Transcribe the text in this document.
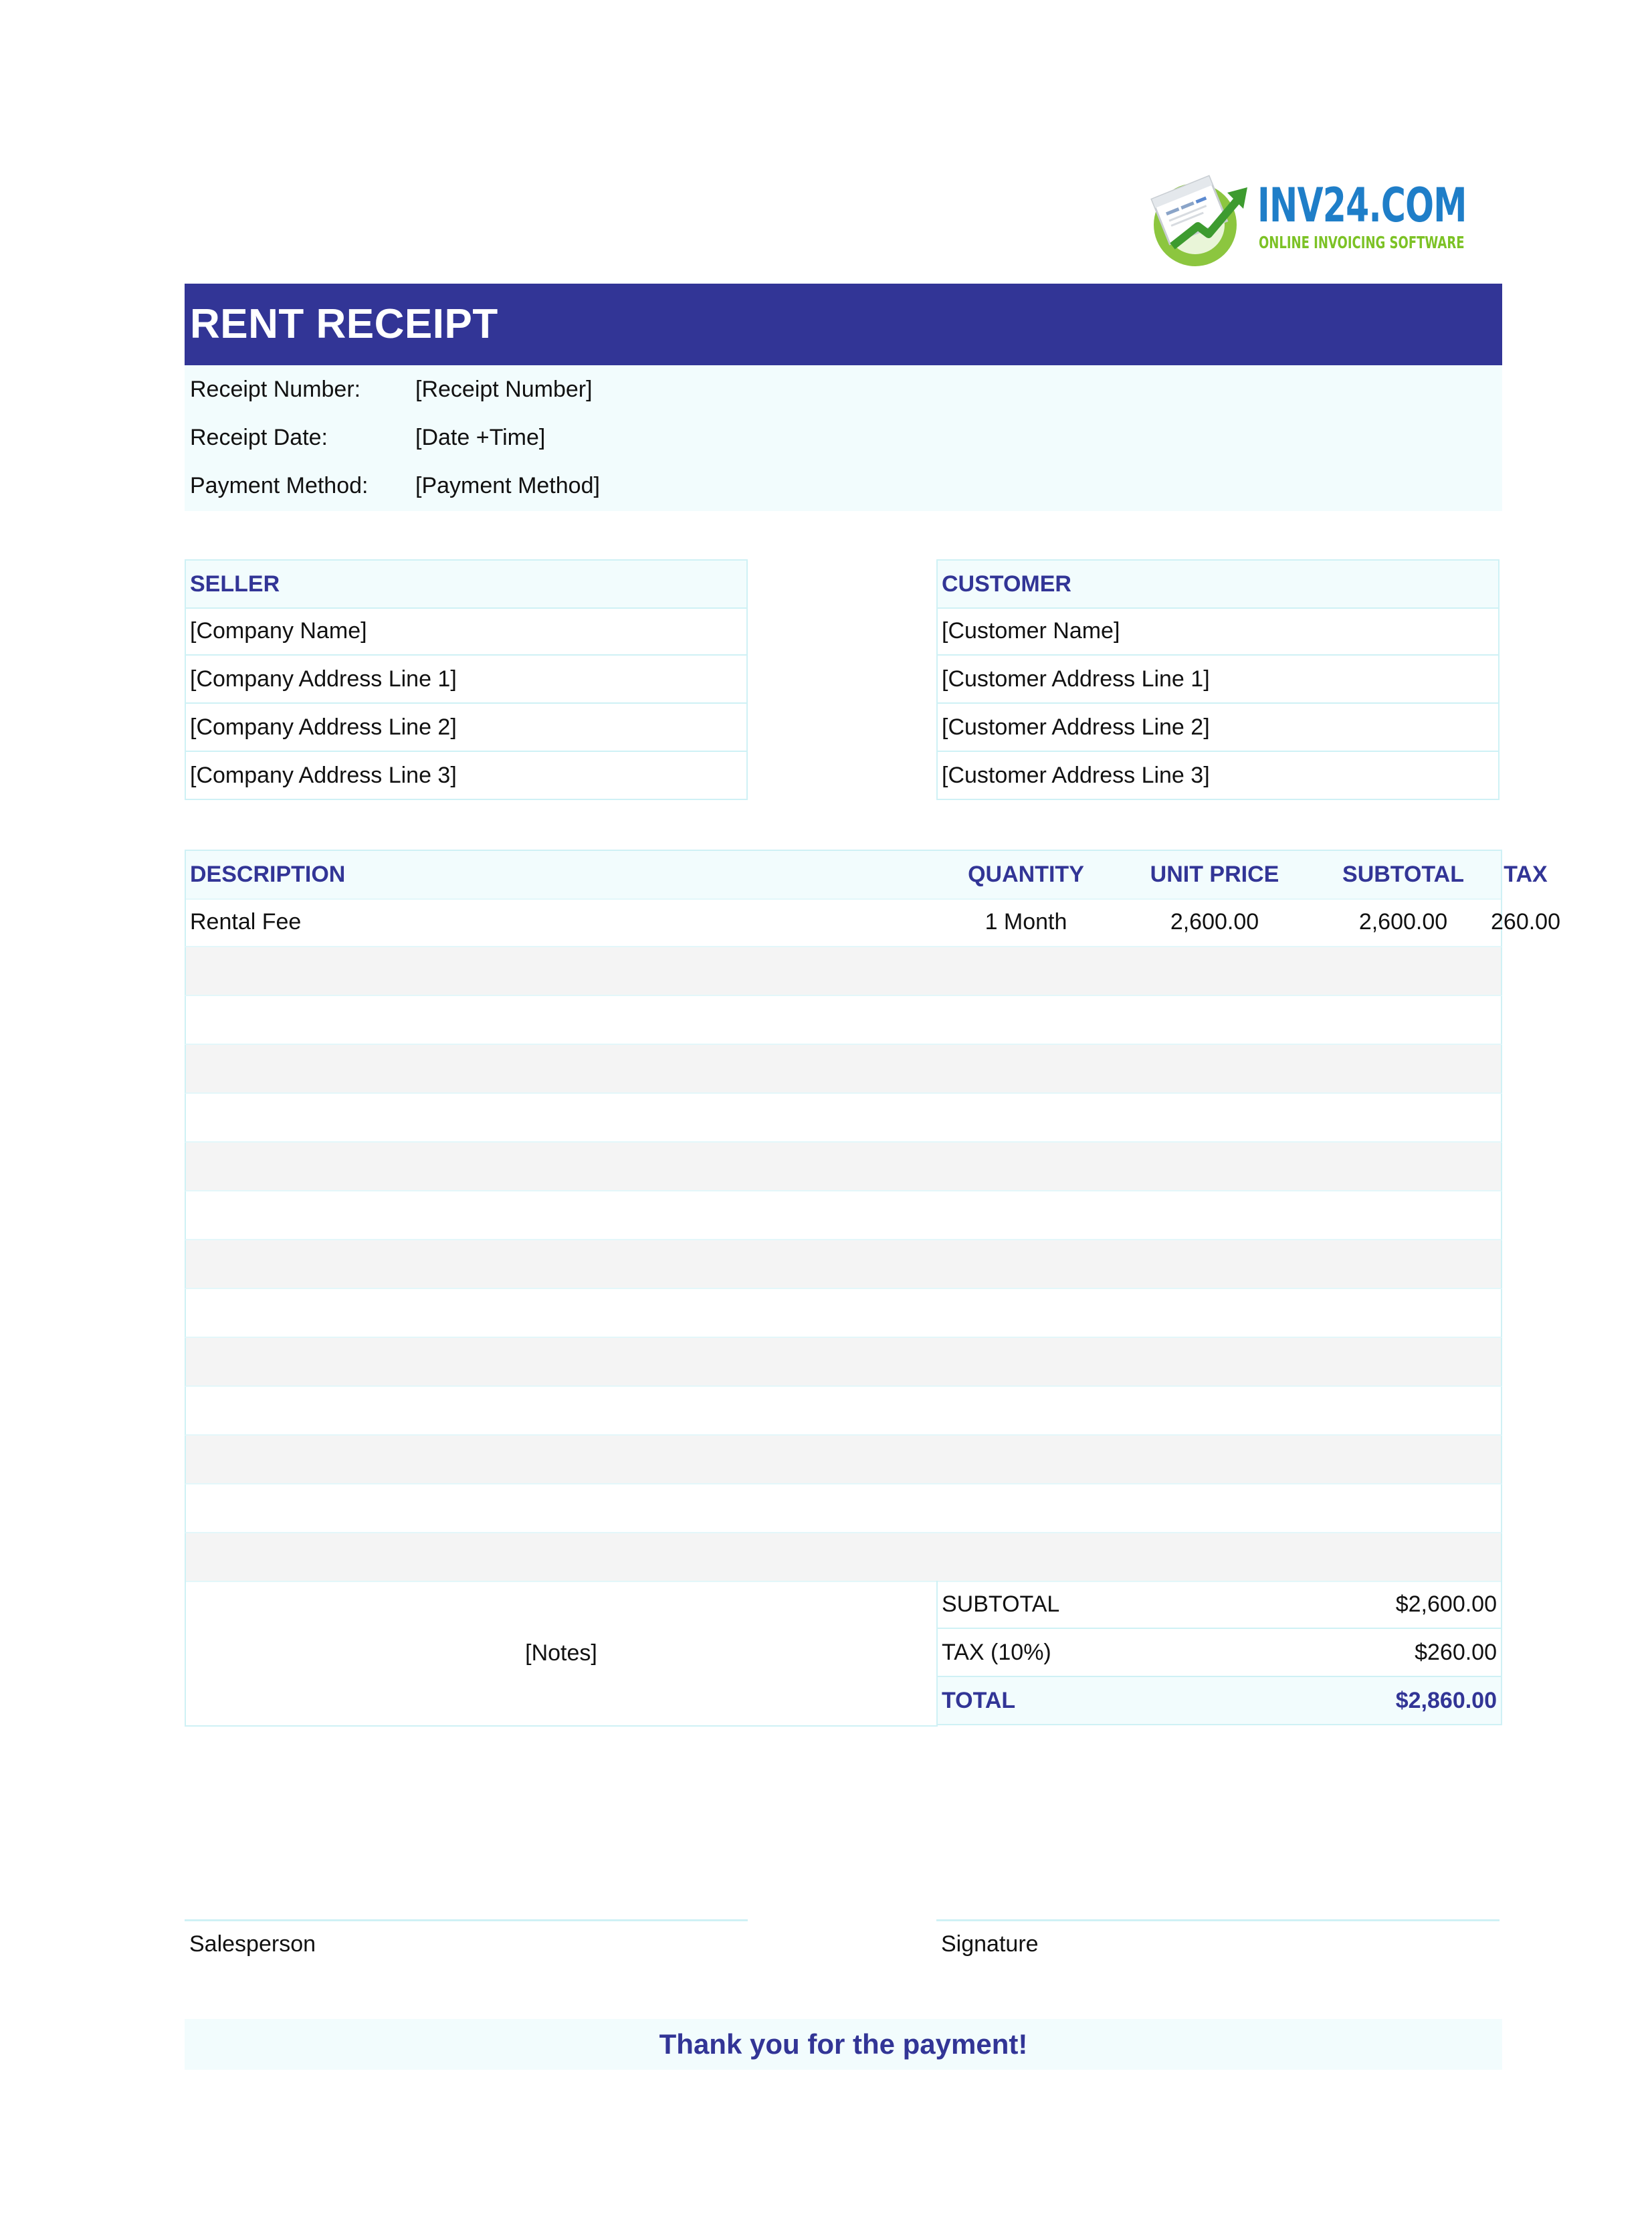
INV24.COM
ONLINE INVOICING SOFTWARE
RENT RECEIPT
Receipt Number: [Receipt Number]
Receipt Date:	[Date +Time]
Payment Method: [Payment Method]
SELLER
[Company Name]
[Company Address Line 1]
[Company Address Line 2]
[Company Address Line 3]
CUSTOMER
[Customer Name]
[Customer Address Line 1]
[Customer Address Line 2]
[Customer Address Line 3]
DESCRIPTION	QUANTITY	UNIT PRICE	SUBTOTAL	TAX
Rental Fee	1 Month	2,600.00	2,600.00	260.00
[Notes]
SUBTOTAL	$2,600.00
TAX (10%)	$260.00
TOTAL	$2,860.00
Salesperson	Signature
Thank you for the payment!
